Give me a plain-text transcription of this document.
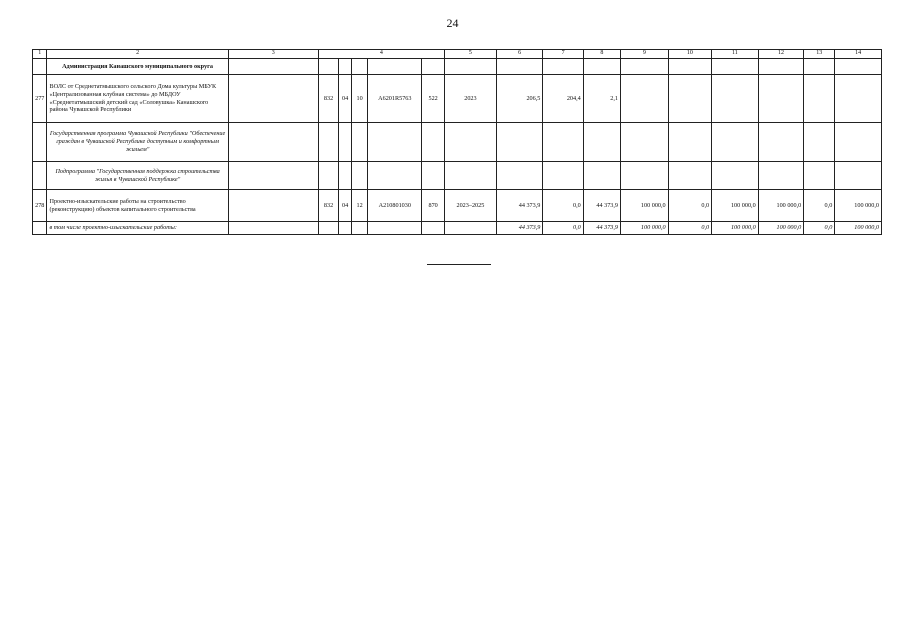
24
1	2	3	4					5	6	7	8	9	10	11	12	13	14
	Администрация Канашского муниципального округа																
277	ВОЛС от Среднетатмышского сельского Дома культуры МБУК «Централизованная клубная система» до МБДОУ «Среднетатмышский детский сад «Соловушка» Канашского района Чувашской Республики		832	04	10	A6201R5763	522	2023	206,5	204,4	2,1						
	Государственная программа Чувашской Республики "Обеспечение граждан в Чувашской Республике доступным и комфортным жильем"																
	Подпрограмма "Государственная поддержка строительства жилья в Чувашской Республике"																
278	Проектно-изыскательские работы на строительство (реконструкцию) объектов капитального строительства		832	04	12	A210801030	870	2023–2025	44 373,9	0,0	44 373,9	100 000,0	0,0	100 000,0	100 000,0	0,0	100 000,0
	в том числе проектно-изыскательские работы:								44 373,9	0,0	44 373,9	100 000,0	0,0	100 000,0	100 000,0	0,0	100 000,0
